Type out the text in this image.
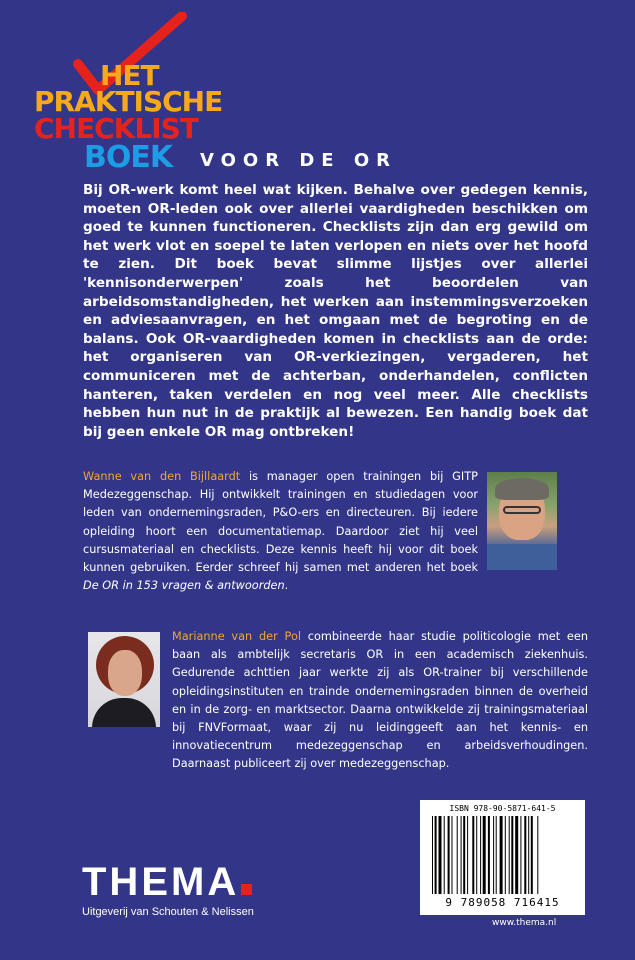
HET
PRAKTISCHE
CHECKLIST
BOEK VOOR DE OR
Bij OR-werk komt heel wat kijken. Behalve over gedegen kennis, moeten OR-leden ook over allerlei vaardigheden beschikken om goed te kunnen functioneren. Checklists zijn dan erg gewild om het werk vlot en soepel te laten verlopen en niets over het hoofd te zien. Dit boek bevat slimme lijstjes over allerlei 'kennisonderwerpen' zoals het beoordelen van arbeidsomstandigheden, het werken aan instemmingsverzoeken en adviesaanvragen, en het omgaan met de begroting en de balans. Ook OR-vaardigheden komen in checklists aan de orde: het organiseren van OR-verkiezingen, vergaderen, het communiceren met de achterban, onderhandelen, conflicten hanteren, taken verdelen en nog veel meer. Alle checklists hebben hun nut in de praktijk al bewezen. Een handig boek dat bij geen enkele OR mag ontbreken!
Wanne van den Bijllaardt is manager open trainingen bij GITP Medezeggenschap. Hij ontwikkelt trainingen en studiedagen voor leden van ondernemingsraden, P&O-ers en directeuren. Bij iedere opleiding hoort een documentatiemap. Daardoor ziet hij veel cursusmateriaal en checklists. Deze kennis heeft hij voor dit boek kunnen gebruiken. Eerder schreef hij samen met anderen het boek De OR in 153 vragen & antwoorden.
Marianne van der Pol combineerde haar studie politicologie met een baan als ambtelijk secretaris OR in een academisch ziekenhuis. Gedurende achttien jaar werkte zij als OR-trainer bij verschillende opleidingsinstituten en trainde ondernemingsraden binnen de overheid en in de zorg- en marktsector. Daarna ontwikkelde zij trainingsmateriaal bij FNVFormaat, waar zij nu leidinggeeft aan het kennis- en innovatiecentrum medezeggenschap en arbeidsverhoudingen. Daarnaast publiceert zij over medezeggenschap.
ISBN 978-90-5871-641-5
9 789058 716415
THEMA
Uitgeverij van Schouten & Nelissen
www.thema.nl
